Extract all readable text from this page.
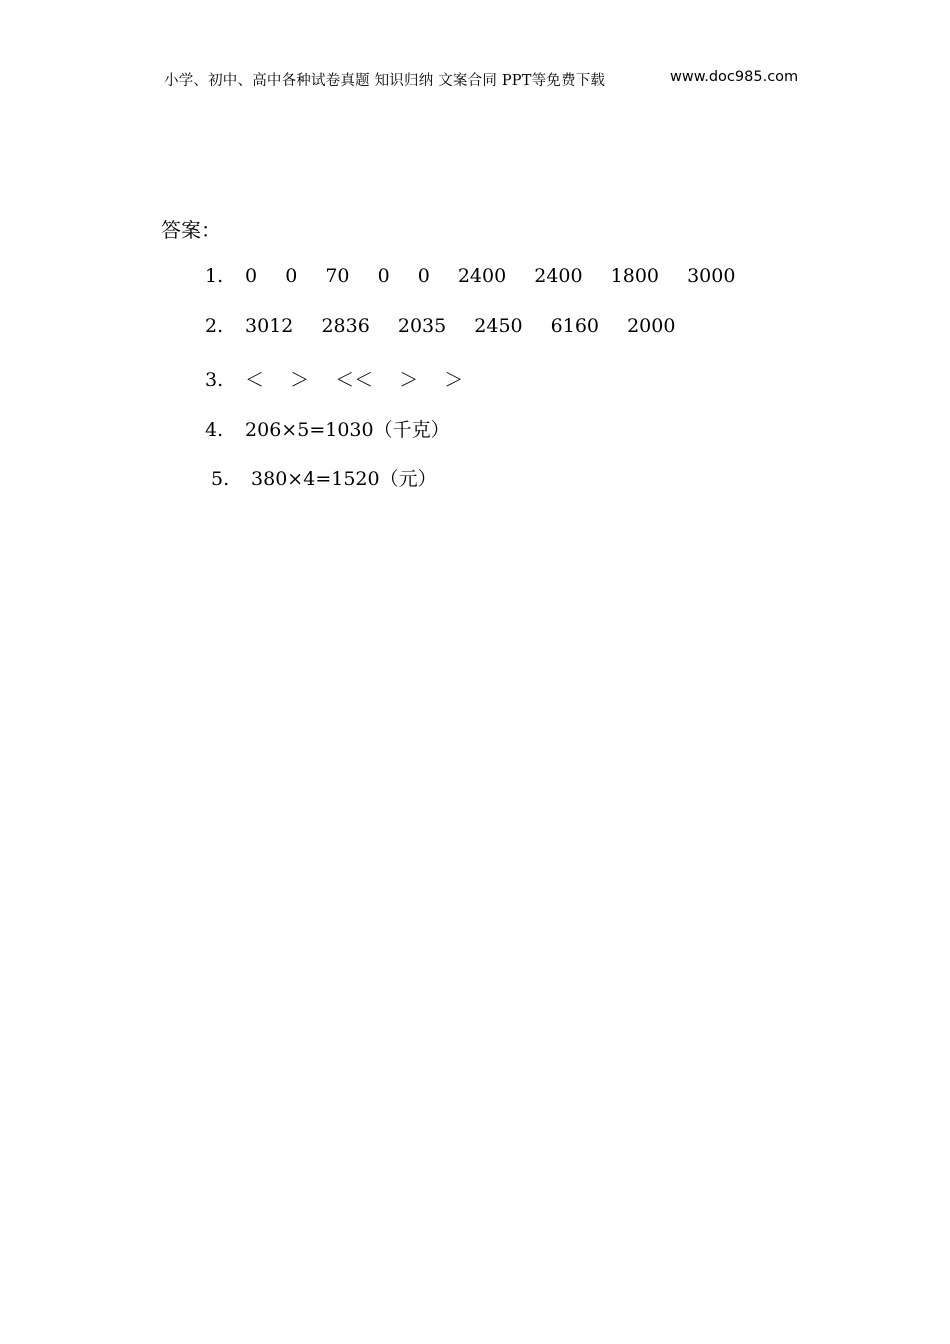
小学、初中、高中各种试卷真题 知识归纳 文案合同 PPT等免费下载	www.doc985.com
答案：
1. 0 0 70 0 0 2400 2400 1800 3000
2. 3012 2836 2035 2450 6160 2000
3. ＜ ＞ ＜＜ ＞ ＞
4. 206×5=1030（千克）
5. 380×4=1520（元）
